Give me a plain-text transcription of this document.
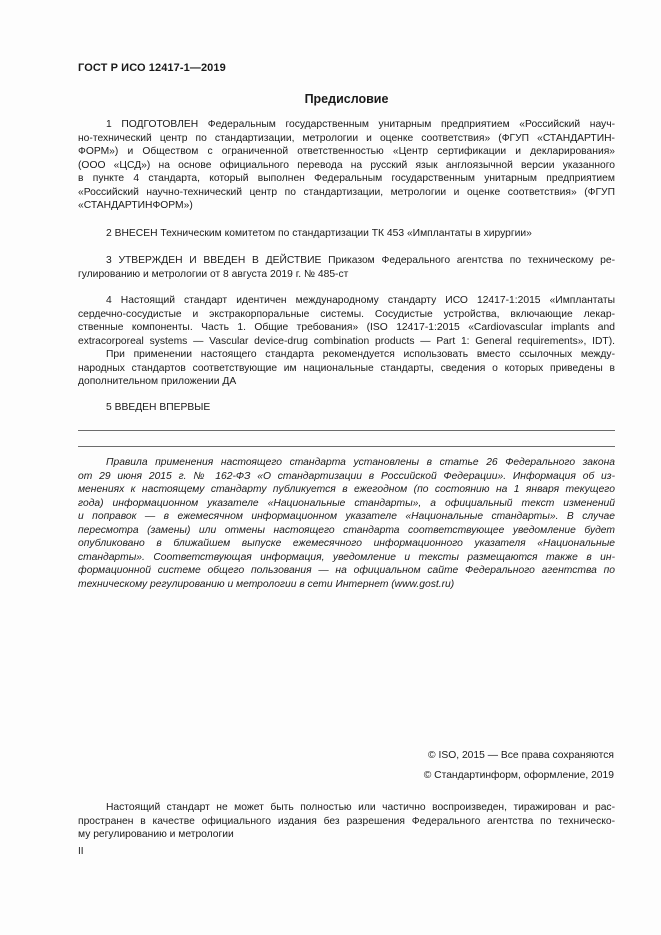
ГОСТ Р ИСО 12417-1—2019
Предисловие
1 ПОДГОТОВЛЕН Федеральным государственным унитарным предприятием «Российский науч-
но-технический центр по стандартизации, метрологии и оценке соответствия» (ФГУП «СТАНДАРТИН-
ФОРМ») и Обществом с ограниченной ответственностью «Центр сертификации и декларирования»
(ООО «ЦСД») на основе официального перевода на русский язык англоязычной версии указанного
в пункте 4 стандарта, который выполнен Федеральным государственным унитарным предприятием
«Российский научно-технический центр по стандартизации, метрологии и оценке соответствия» (ФГУП
«СТАНДАРТИНФОРМ»)
2 ВНЕСЕН Техническим комитетом по стандартизации ТК 453 «Имплантаты в хирургии»
3 УТВЕРЖДЕН И ВВЕДЕН В ДЕЙСТВИЕ Приказом Федерального агентства по техническому ре-
гулированию и метрологии от 8 августа 2019 г. № 485-ст
4 Настоящий стандарт идентичен международному стандарту ИСО 12417-1:2015 «Имплантаты
сердечно-сосудистые и экстракорпоральные системы. Сосудистые устройства, включающие лекар-
ственные компоненты. Часть 1. Общие требования» (ISO 12417-1:2015 «Cardiovascular implants and
extracorporeal systems — Vascular device-drug combination products — Part 1: General requirements», IDT).
При применении настоящего стандарта рекомендуется использовать вместо ссылочных между-
народных стандартов соответствующие им национальные стандарты, сведения о которых приведены в
дополнительном приложении ДА
5 ВВЕДЕН ВПЕРВЫЕ
Правила применения настоящего стандарта установлены в статье 26 Федерального закона
от 29 июня 2015 г. № 162-ФЗ «О стандартизации в Российской Федерации». Информация об из-
менениях к настоящему стандарту публикуется в ежегодном (по состоянию на 1 января текущего
года) информационном указателе «Национальные стандарты», а официальный текст изменений
и поправок — в ежемесячном информационном указателе «Национальные стандарты». В случае
пересмотра (замены) или отмены настоящего стандарта соответствующее уведомление будет
опубликовано в ближайшем выпуске ежемесячного информационного указателя «Национальные
стандарты». Соответствующая информация, уведомление и тексты размещаются также в ин-
формационной системе общего пользования — на официальном сайте Федерального агентства по
техническому регулированию и метрологии в сети Интернет (www.gost.ru)
© ISO, 2015 — Все права сохраняются
© Стандартинформ, оформление, 2019
Настоящий стандарт не может быть полностью или частично воспроизведен, тиражирован и рас-
пространен в качестве официального издания без разрешения Федерального агентства по техническо-
му регулированию и метрологии
II
